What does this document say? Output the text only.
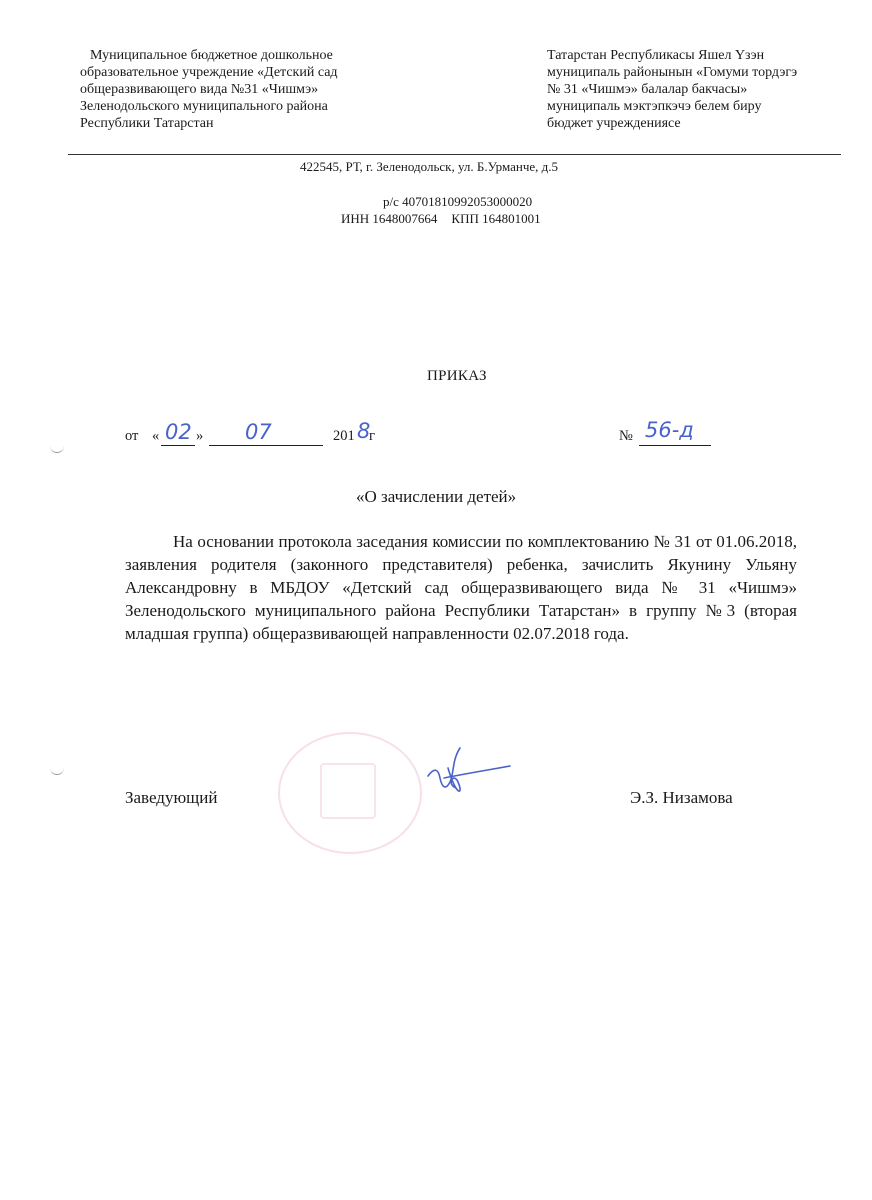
Муниципальное бюджетное дошкольное
образовательное учреждение «Детский сад
общеразвивающего вида №31 «Чишмэ»
Зеленодольского муниципального района
Республики Татарстан
Татарстан Республикасы Яшел Үзэн
муниципаль районынын «Гомуми тордэгэ
№ 31 «Чишмэ» балалар бакчасы»
муниципаль мэктэпкэчэ белем биру
бюджет учреждениясе
422545, РТ, г. Зеленодольск, ул. Б.Урманче, д.5
р/с 40701810992053000020
ИНН 1648007664 КПП 164801001
ПРИКАЗ
от « 02 » 07	201 8
г	№ 56-д
«О зачислении детей»
На основании протокола заседания комиссии по комплектованию № 31 от 01.06.2018, заявления родителя (законного представителя) ребенка, зачислить Якунину Ульяну Александровну в МБДОУ «Детский сад общеразвивающего вида № 31 «Чишмэ» Зеленодольского муниципального района Республики Татарстан» в группу №3 (вторая младшая группа) общеразвивающей направленности 02.07.2018 года.
Заведующий	Э.З. Низамова
